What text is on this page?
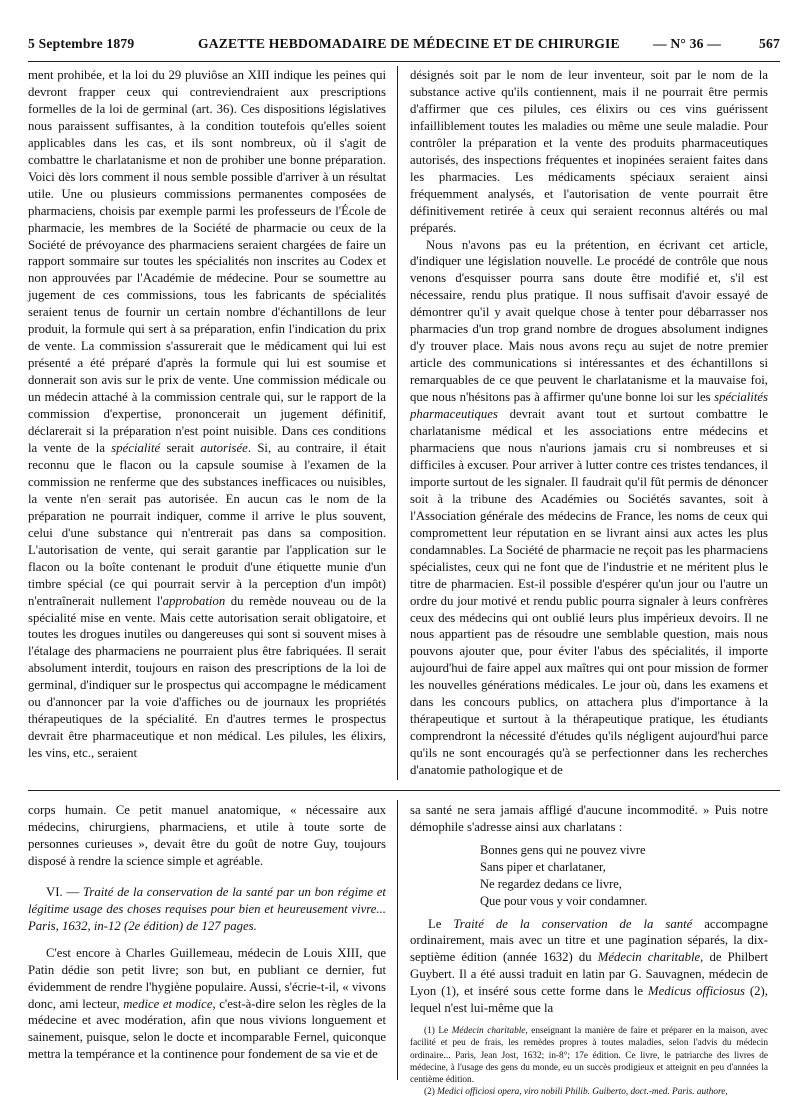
5 Septembre 1879	GAZETTE HEBDOMADAIRE DE MÉDECINE ET DE CHIRURGIE — N° 36 —	567

ment prohibée, et la loi du 29 pluviôse an XIII indique les peines qui devront frapper ceux qui contreviendraient aux prescriptions formelles de la loi de germinal (art. 36). Ces dispositions législatives nous paraissent suffisantes, à la condition toutefois qu'elles soient applicables dans les cas, et ils sont nombreux, où il s'agit de combattre le charlatanisme et non de prohiber une bonne préparation. Voici dès lors comment il nous semble possible d'arriver à un résultat utile. Une ou plusieurs commissions permanentes composées de pharmaciens, choisis par exemple parmi les professeurs de l'École de pharmacie, les membres de la Société de pharmacie ou ceux de la Société de prévoyance des pharmaciens seraient chargées de faire un rapport sommaire sur toutes les spécialités non inscrites au Codex et non approuvées par l'Académie de médecine. Pour se soumettre au jugement de ces commissions, tous les fabricants de spécialités seraient tenus de fournir un certain nombre d'échantillons de leur produit, la formule qui sert à sa préparation, enfin l'indication du prix de vente. La commission s'assurerait que le médicament qui lui est présenté a été préparé d'après la formule qui lui est soumise et donnerait son avis sur le prix de vente. Une commission médicale ou un médecin attaché à la commission centrale qui, sur le rapport de la commission d'expertise, prononcerait un jugement définitif, déclarerait si la préparation n'est point nuisible. Dans ces conditions la vente de la spécialité serait autorisée. Si, au contraire, il était reconnu que le flacon ou la capsule soumise à l'examen de la commission ne renferme que des substances inefficaces ou nuisibles, la vente n'en serait pas autorisée. En aucun cas le nom de la préparation ne pourrait indiquer, comme il arrive le plus souvent, celui d'une substance qui n'entrerait pas dans sa composition. L'autorisation de vente, qui serait garantie par l'application sur le flacon ou la boîte contenant le produit d'une étiquette munie d'un timbre spécial (ce qui pourrait servir à la perception d'un impôt) n'entraînerait nullement l'approbation du remède nouveau ou de la spécialité mise en vente. Mais cette autorisation serait obligatoire, et toutes les drogues inutiles ou dangereuses qui sont si souvent mises à l'étalage des pharmaciens ne pourraient plus être fabriquées. Il serait absolument interdit, toujours en raison des prescriptions de la loi de germinal, d'indiquer sur le prospectus qui accompagne le médicament ou d'annoncer par la voie d'affiches ou de journaux les propriétés thérapeutiques de la spécialité. En d'autres termes le prospectus devrait être pharmaceutique et non médical. Les pilules, les élixirs, les vins, etc., seraient

désignés soit par le nom de leur inventeur, soit par le nom de la substance active qu'ils contiennent, mais il ne pourrait être permis d'affirmer que ces pilules, ces élixirs ou ces vins guérissent infailliblement toutes les maladies ou même une seule maladie. Pour contrôler la préparation et la vente des produits pharmaceutiques autorisés, des inspections fréquentes et inopinées seraient faites dans les pharmacies. Les médicaments spéciaux seraient ainsi fréquemment analysés, et l'autorisation de vente pourrait être définitivement retirée à ceux qui seraient reconnus altérés ou mal préparés.

Nous n'avons pas eu la prétention, en écrivant cet article, d'indiquer une législation nouvelle. Le procédé de contrôle que nous venons d'esquisser pourra sans doute être modifié et, s'il est nécessaire, rendu plus pratique. Il nous suffisait d'avoir essayé de démontrer qu'il y avait quelque chose à tenter pour débarrasser nos pharmacies d'un trop grand nombre de drogues absolument indignes d'y trouver place. Mais nous avons reçu au sujet de notre premier article des communications si intéressantes et des échantillons si remarquables de ce que peuvent le charlatanisme et la mauvaise foi, que nous n'hésitons pas à affirmer qu'une bonne loi sur les spécialités pharmaceutiques devrait avant tout et surtout combattre le charlatanisme médical et les associations entre médecins et pharmaciens que nous n'aurions jamais cru si nombreuses et si difficiles à excuser. Pour arriver à lutter contre ces tristes tendances, il importe surtout de les signaler. Il faudrait qu'il fût permis de dénoncer soit à la tribune des Académies ou Sociétés savantes, soit à l'Association générale des médecins de France, les noms de ceux qui compromettent leur réputation en se livrant ainsi aux actes les plus condamnables. La Société de pharmacie ne reçoit pas les pharmaciens spécialistes, ceux qui ne font que de l'industrie et ne méritent plus le titre de pharmacien. Est-il possible d'espérer qu'un jour ou l'autre un ordre du jour motivé et rendu public pourra signaler à leurs confrères ceux des médecins qui ont oublié leurs plus impérieux devoirs. Il ne nous appartient pas de résoudre une semblable question, mais nous pouvons ajouter que, pour éviter l'abus des spécialités, il importe aujourd'hui de faire appel aux maîtres qui ont pour mission de former les nouvelles générations médicales. Le jour où, dans les examens et dans les concours publics, on attachera plus d'importance à la thérapeutique et surtout à la thérapeutique pratique, les étudiants comprendront la nécessité d'études qu'ils négligent aujourd'hui parce qu'ils ne sont encouragés qu'à se perfectionner dans les recherches d'anatomie pathologique et de

corps humain. Ce petit manuel anatomique, « nécessaire aux médecins, chirurgiens, pharmaciens, et utile à toute sorte de personnes curieuses », devait être du goût de notre Guy, toujours disposé à rendre la science simple et agréable.

VI. — Traité de la conservation de la santé par un bon régime et légitime usage des choses requises pour bien et heureusement vivre... Paris, 1632, in-12 (2e édition) de 127 pages.

C'est encore à Charles Guillemeau, médecin de Louis XIII, que Patin dédie son petit livre; son but, en publiant ce dernier, fut évidemment de rendre l'hygiène populaire. Aussi, s'écrie-t-il, « vivons donc, ami lecteur, medice et modice, c'est-à-dire selon les règles de la médecine et avec modération, afin que nous vivions longuement et sainement, puisque, selon le docte et incomparable Fernel, quiconque mettra la tempérance et la continence pour fondement de sa vie et de

sa santé ne sera jamais affligé d'aucune incommodité. » Puis notre démophile s'adresse ainsi aux charlatans :

Bonnes gens qui ne pouvez vivre
Sans piper et charlataner,
Ne regardez dedans ce livre,
Que pour vous y voir condamner.

Le Traité de la conservation de la santé accompagne ordinairement, mais avec un titre et une pagination séparés, la dix-septième édition (année 1632) du Médecin charitable, de Philbert Guybert. Il a été aussi traduit en latin par G. Sauvagnen, médecin de Lyon (1), et inséré sous cette forme dans le Medicus officiosus (2), lequel n'est lui-même que la

(1) Le Médecin charitable, enseignant la manière de faire et préparer en la maison, avec facilité et peu de frais, les remèdes propres à toutes maladies, selon l'advis du médecin ordinaire... Paris, Jean Jost, 1632; in-8°; 17e édition. Ce livre, le patriarche des livres de médecine, à l'usage des gens du monde, eu un succès prodigieux et atteignit en peu d'années la centième édition.

(2) Medici officiosi opera, viro nobili Philib. Guiberto, doct.-med. Paris. authore,
